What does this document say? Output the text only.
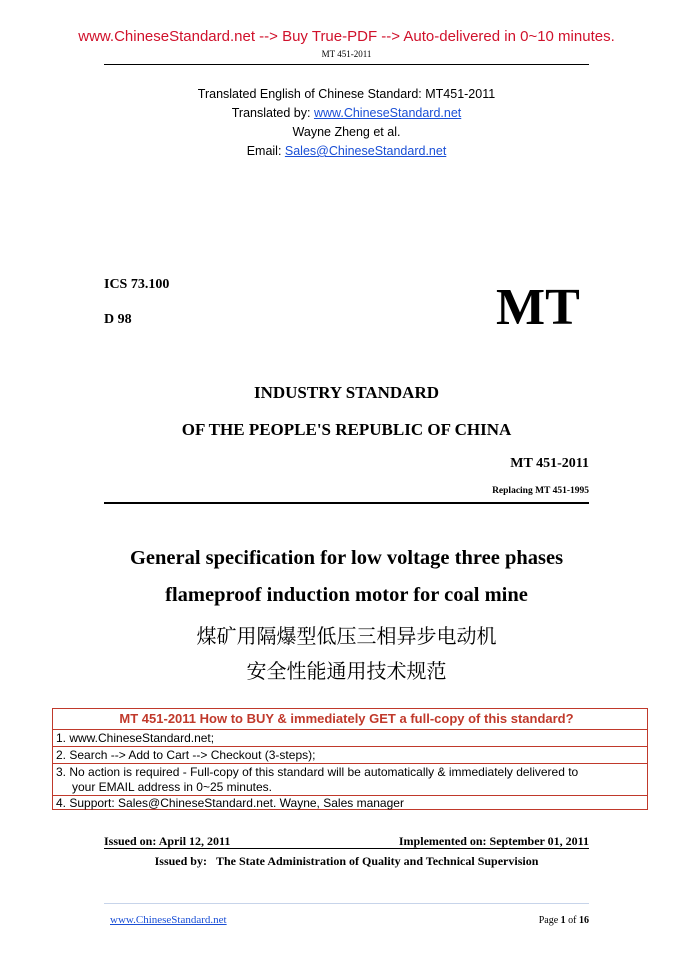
www.ChineseStandard.net --> Buy True-PDF --> Auto-delivered in 0~10 minutes.
MT 451-2011
Translated English of Chinese Standard: MT451-2011
Translated by: www.ChineseStandard.net
Wayne Zheng et al.
Email: Sales@ChineseStandard.net
ICS 73.100
D 98	MT
INDUSTRY STANDARD
OF THE PEOPLE'S REPUBLIC OF CHINA
MT 451-2011
Replacing MT 451-1995
General specification for low voltage three phases
flameproof induction motor for coal mine
煤矿用隔爆型低压三相异步电动机
安全性能通用技术规范
MT 451-2011 How to BUY & immediately GET a full-copy of this standard?
1. www.ChineseStandard.net;
2. Search --> Add to Cart --> Checkout (3-steps);
3. No action is required - Full-copy of this standard will be automatically & immediately delivered to
your EMAIL address in 0~25 minutes.
4. Support: Sales@ChineseStandard.net. Wayne, Sales manager
Issued on: April 12, 2011	Implemented on: September 01, 2011
Issued by: The State Administration of Quality and Technical Supervision
www.ChineseStandard.net	Page 1 of 16
